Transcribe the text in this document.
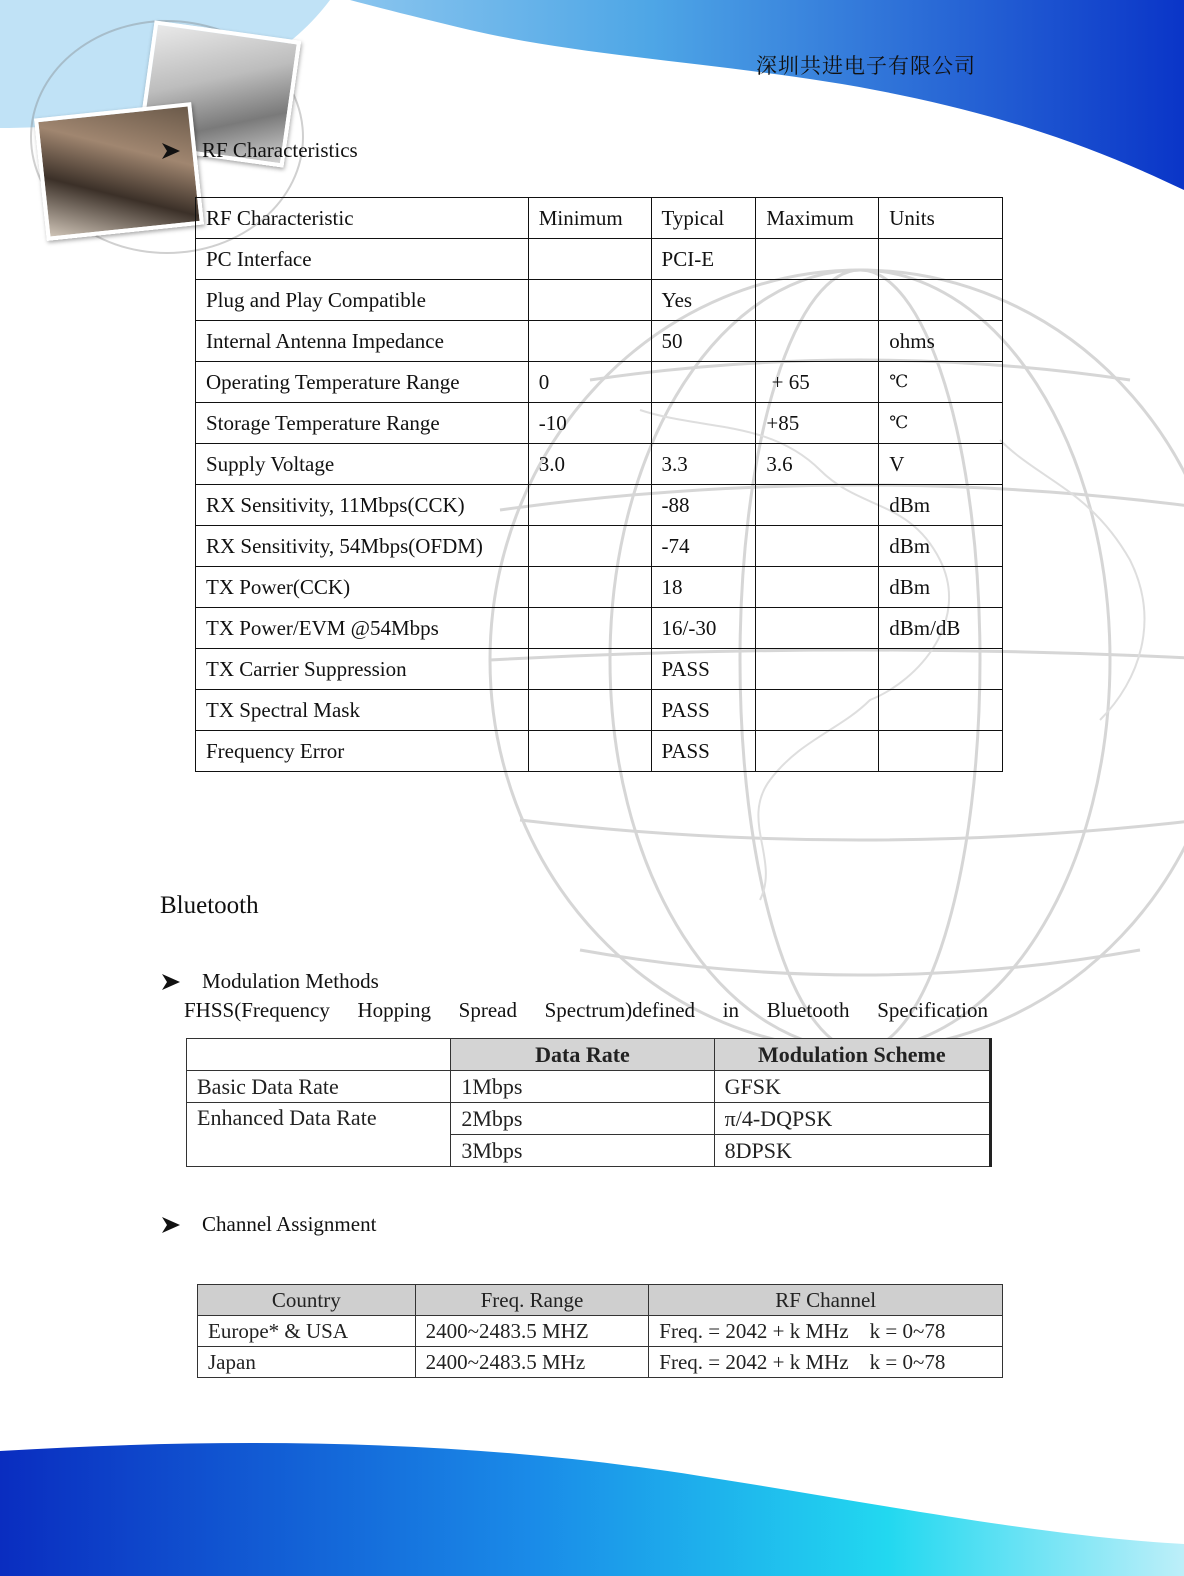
深圳共进电子有限公司
RF Characteristics
RF Characteristic	Minimum	Typical	Maximum	Units
PC Interface		PCI-E		
Plug and Play Compatible		Yes		
Internal Antenna Impedance		50		ohms
Operating Temperature Range	0		+ 65	℃
Storage Temperature Range	-10		+85	℃
Supply Voltage	3.0	3.3	3.6	V
RX Sensitivity, 11Mbps(CCK)		-88		dBm
RX Sensitivity, 54Mbps(OFDM)		-74		dBm
TX Power(CCK)		18		dBm
TX Power/EVM @54Mbps		16/-30		dBm/dB
TX Carrier Suppression		PASS		
TX Spectral Mask		PASS		
Frequency Error		PASS		
Bluetooth
Modulation Methods
FHSS(Frequency Hopping Spread Spectrum)defined in Bluetooth Specification
	Data Rate	Modulation Scheme
Basic Data Rate	1Mbps	GFSK
Enhanced Data Rate	2Mbps	π/4-DQPSK
	3Mbps	8DPSK
Channel Assignment
Country	Freq. Range	RF Channel
Europe* & USA	2400~2483.5 MHZ	Freq. = 2042 + k MHz    k = 0~78
Japan	2400~2483.5 MHz	Freq. = 2042 + k MHz    k = 0~78
